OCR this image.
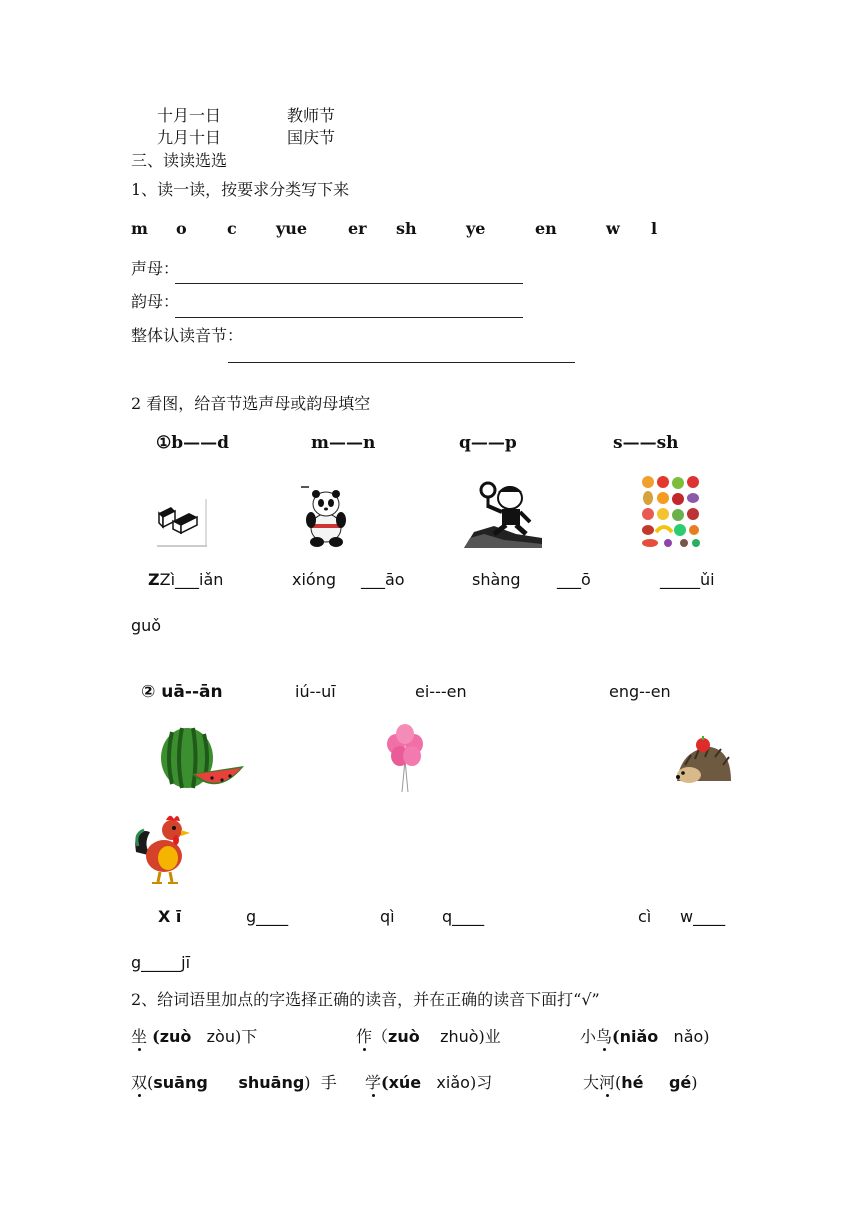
十月一日	教师节
九月十日	国庆节
三、读读选选
1、读一读，按要求分类写下来
m o	c yue	er sh	ye	en	w l
声母：
韵母：
整体认读音节：
2 看图，给音节选声母或韵母填空
①b——d	m——n	q——p	s——sh
ZZì___iǎn	xióng ___āo	shàng ___ō	_____ǔi
guǒ
② uā--ān	iú--uī	ei---en	eng--en
X ī	g____	qì	q____	cì w____
g_____jī
2、给词语里加点的字选择正确的读音，并在正确的读音下面打“√”
坐 (zuò zòu)下	作（zuò zhuò)业	小鸟(niǎo nǎo)
双(suāng shuāng) 手 学(xúe xiǎo)习	大河(hé gé)
